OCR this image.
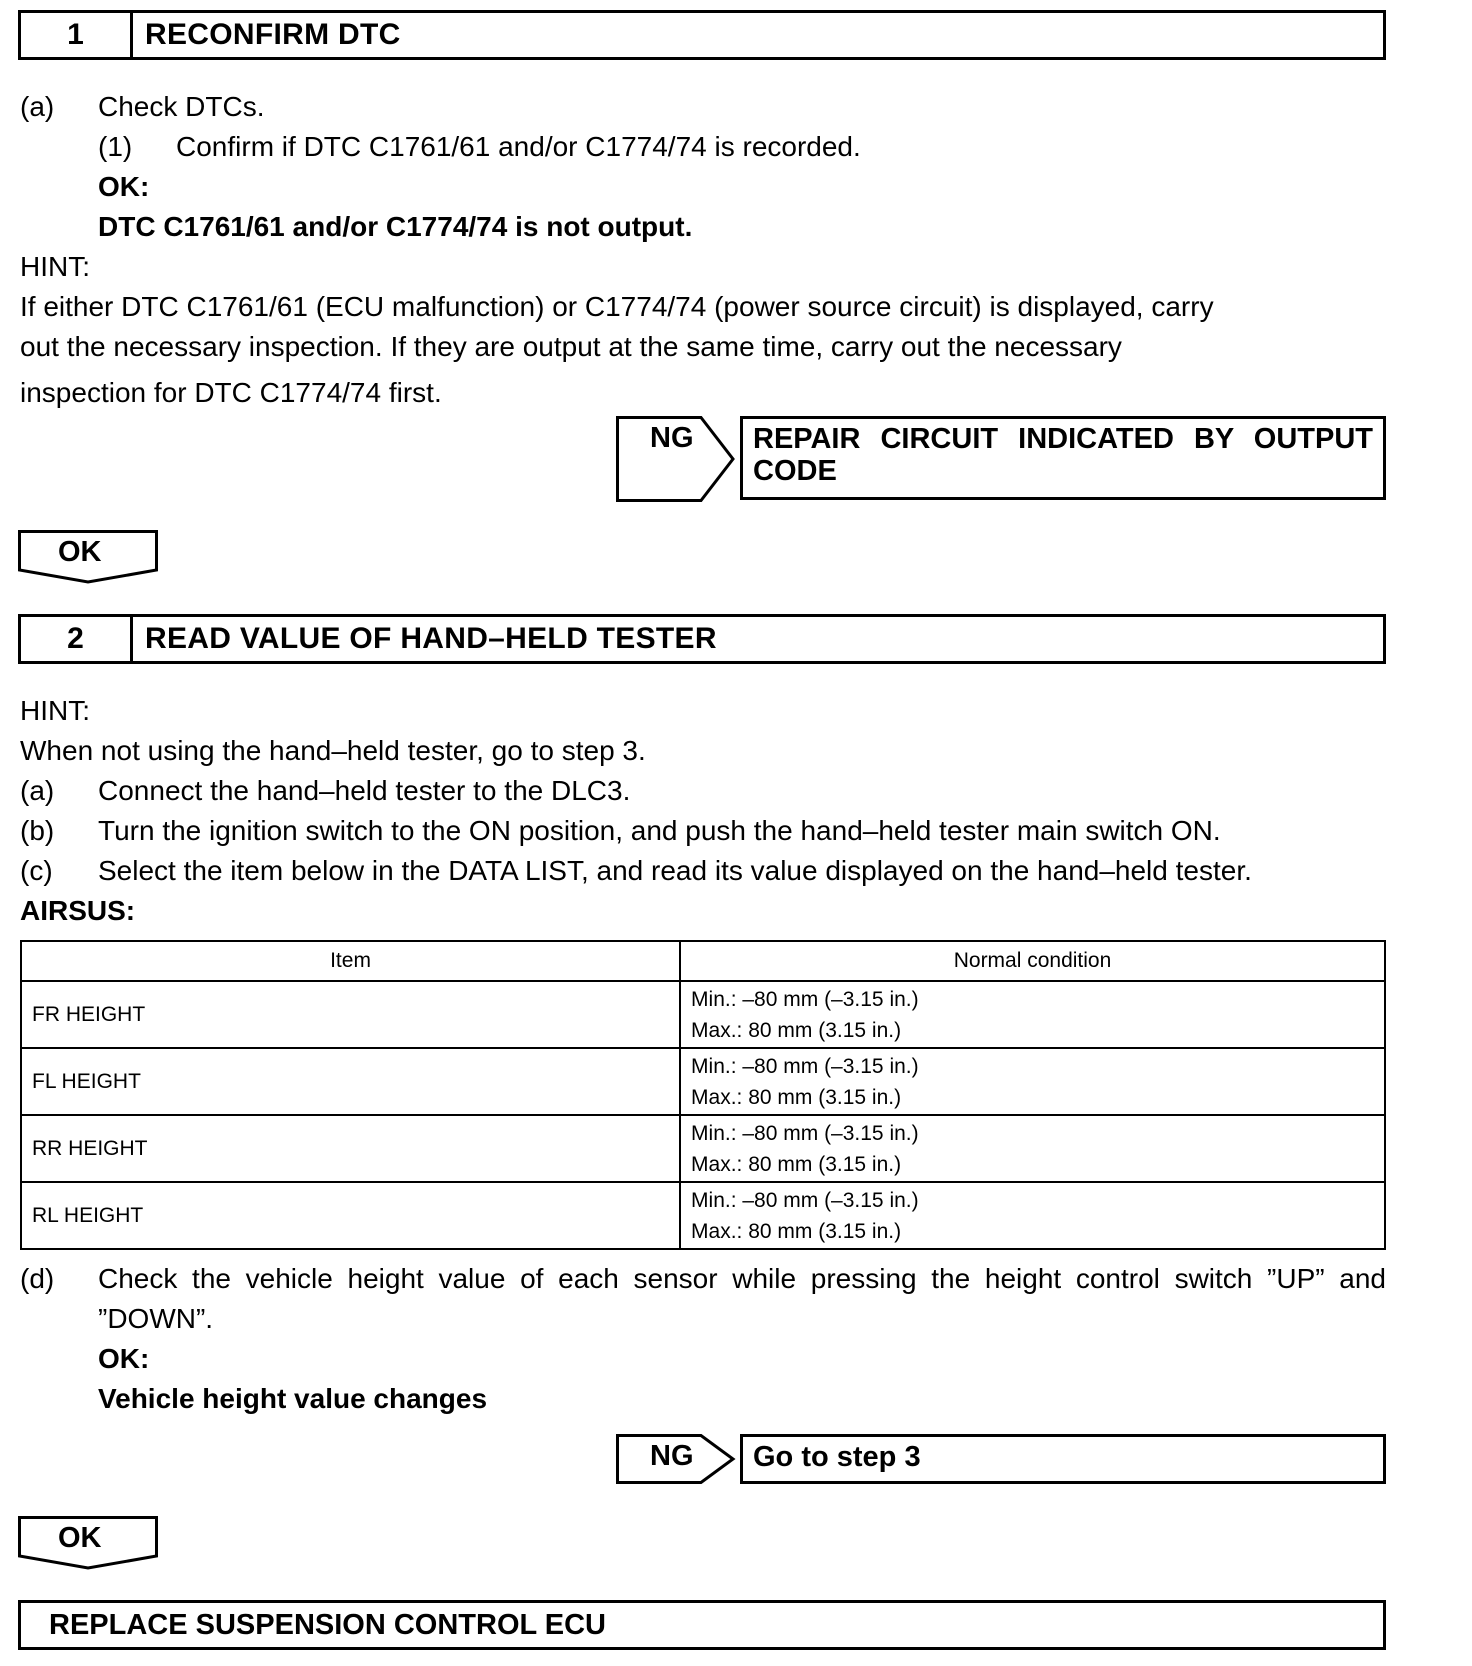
1	RECONFIRM DTC
(a) Check DTCs.
(1) Confirm if DTC C1761/61 and/or C1774/74 is recorded.
OK:
DTC C1761/61 and/or C1774/74 is not output.
HINT:
If either DTC C1761/61 (ECU malfunction) or C1774/74 (power source circuit) is displayed, carry
out the necessary inspection. If they are output at the same time, carry out the necessary
inspection for DTC C1774/74 first.
NG	REPAIR CIRCUIT INDICATED BY OUTPUT CODE
OK
2	READ VALUE OF HAND–HELD TESTER
HINT:
When not using the hand–held tester, go to step 3.
(a) Connect the hand–held tester to the DLC3.
(b) Turn the ignition switch to the ON position, and push the hand–held tester main switch ON.
(c) Select the item below in the DATA LIST, and read its value displayed on the hand–held tester.
AIRSUS:
Item	Normal condition
FR HEIGHT	Min.: –80 mm (–3.15 in.)
Max.: 80 mm (3.15 in.)

FL HEIGHT	Min.: –80 mm (–3.15 in.)
Max.: 80 mm (3.15 in.)

RR HEIGHT	Min.: –80 mm (–3.15 in.)
Max.: 80 mm (3.15 in.)

RL HEIGHT	Min.: –80 mm (–3.15 in.)
Max.: 80 mm (3.15 in.)
(d) Check the vehicle height value of each sensor while pressing the height control switch ”UP” and
”DOWN”.
OK:
Vehicle height value changes
NG	Go to step 3
OK
REPLACE SUSPENSION CONTROL ECU
